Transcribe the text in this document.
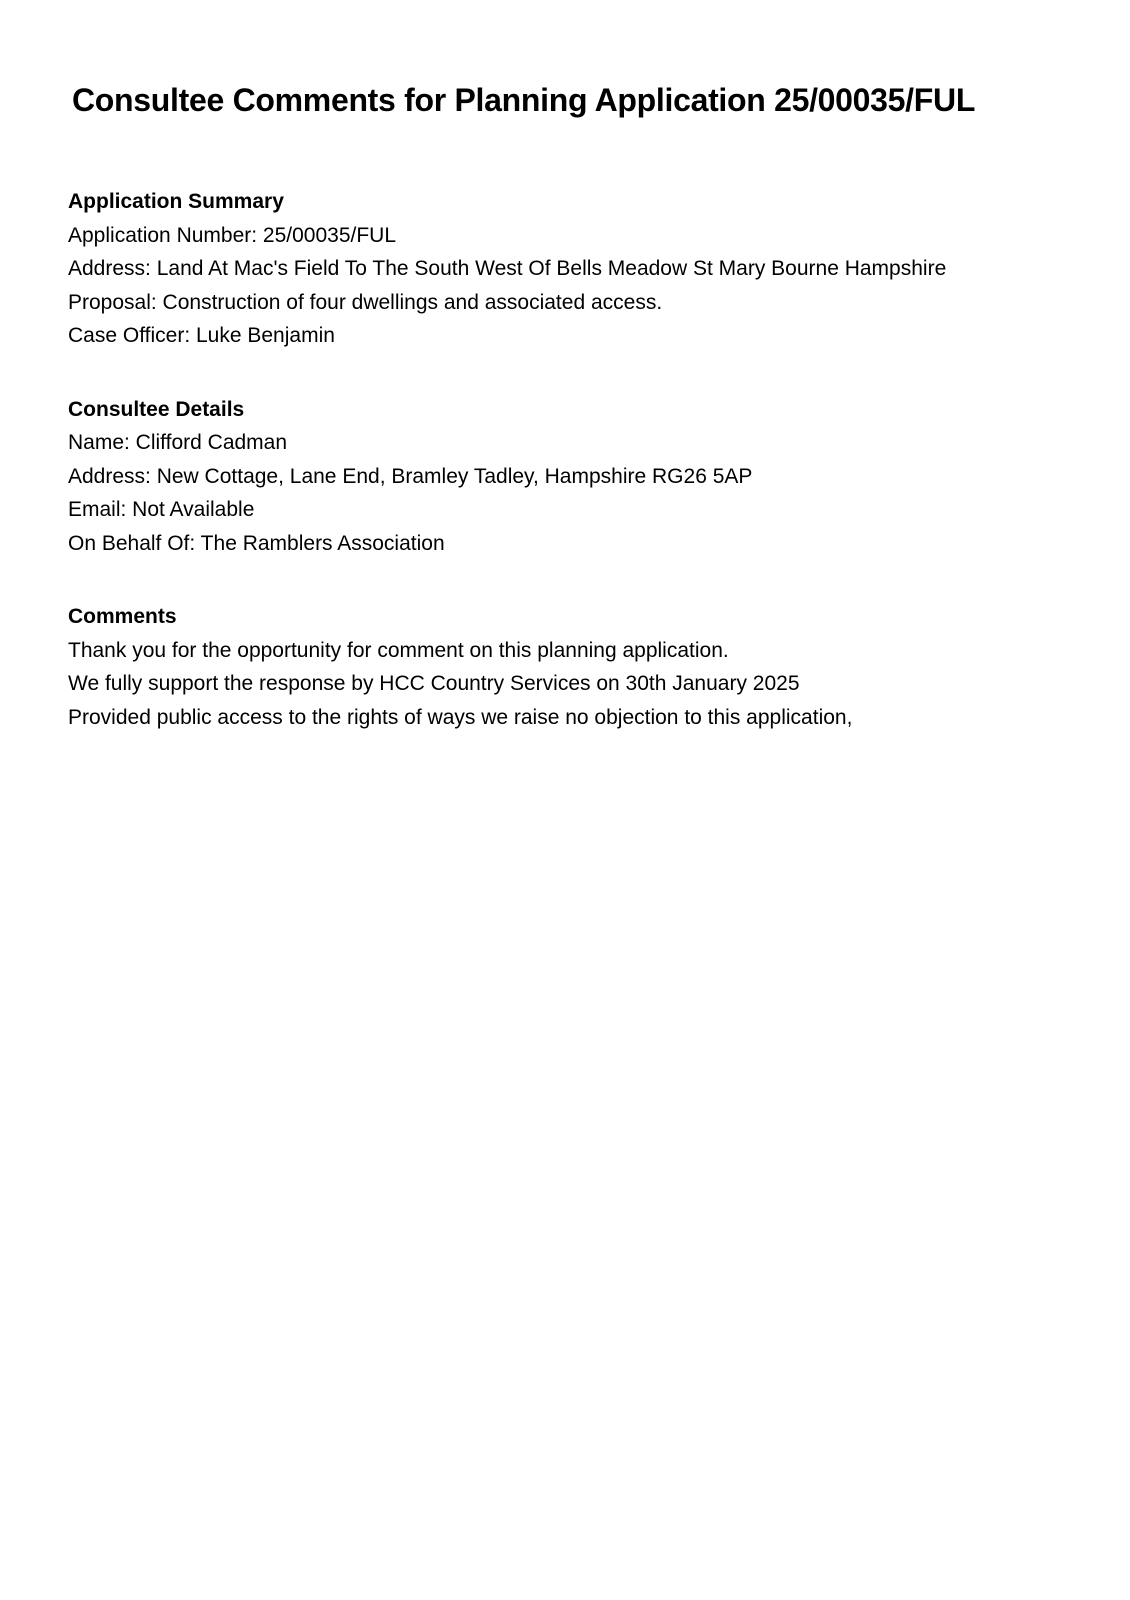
Consultee Comments for Planning Application 25/00035/FUL
Application Summary

Application Number: 25/00035/FUL

Address: Land At Mac's Field To The South West Of Bells Meadow St Mary Bourne Hampshire

Proposal: Construction of four dwellings and associated access.

Case Officer: Luke Benjamin

Consultee Details

Name: Clifford Cadman

Address: New Cottage, Lane End, Bramley Tadley, Hampshire RG26 5AP

Email: Not Available

On Behalf Of: The Ramblers Association

Comments

Thank you for the opportunity for comment on this planning application.

We fully support the response by HCC Country Services on 30th January 2025

Provided public access to the rights of ways we raise no objection to this application,
